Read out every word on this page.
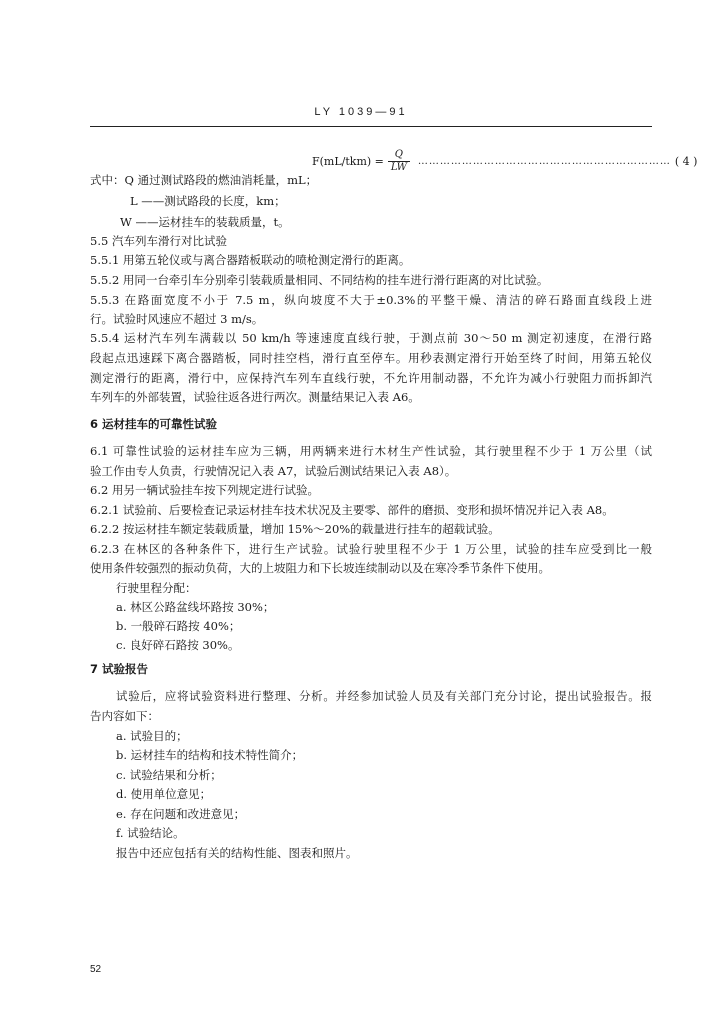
LY 1039—91
$F(mL/tkm) = \frac{Q}{LW}$ …………………………………………………………… ( 4 )
式中：Q 通过测试路段的燃油消耗量，mL；
L ——测试路段的长度，km；
W ——运材挂车的装载质量，t。
5.5 汽车列车滑行对比试验
5.5.1 用第五轮仪或与离合器踏板联动的喷枪测定滑行的距离。
5.5.2 用同一台牵引车分别牵引装载质量相同、不同结构的挂车进行滑行距离的对比试验。
5.5.3 在路面宽度不小于 7.5 m，纵向坡度不大于±0.3%的平整干燥、清洁的碎石路面直线段上进
行。试验时风速应不超过 3 m/s。
5.5.4 运材汽车列车满载以 50 km/h 等速速度直线行驶，于测点前 30～50 m 测定初速度，在滑行路
段起点迅速踩下离合器踏板，同时挂空档，滑行直至停车。用秒表测定滑行开始至终了时间，用第五轮仪
测定滑行的距离，滑行中，应保持汽车列车直线行驶，不允许用制动器，不允许为减小行驶阻力而拆卸汽
车列车的外部装置，试验往返各进行两次。测量结果记入表 A6。
6 运材挂车的可靠性试验
6.1 可靠性试验的运材挂车应为三辆，用两辆来进行木材生产性试验，其行驶里程不少于 1 万公里（试
验工作由专人负责，行驶情况记入表 A7，试验后测试结果记入表 A8）。
6.2 用另一辆试验挂车按下列规定进行试验。
6.2.1 试验前、后要检查记录运材挂车技术状况及主要零、部件的磨损、变形和损坏情况并记入表 A8。
6.2.2 按运材挂车额定装载质量，增加 15%～20%的载量进行挂车的超载试验。
6.2.3 在林区的各种条件下，进行生产试验。试验行驶里程不少于 1 万公里，试验的挂车应受到比一般
使用条件较强烈的振动负荷，大的上坡阻力和下长坡连续制动以及在寒冷季节条件下使用。
行驶里程分配：
a. 林区公路盆线坏路按 30%；
b. 一般碎石路按 40%；
c. 良好碎石路按 30%。
7 试验报告
试验后，应将试验资料进行整理、分析。并经参加试验人员及有关部门充分讨论，提出试验报告。报
告内容如下：
a. 试验目的；
b. 运材挂车的结构和技术特性简介；
c. 试验结果和分析；
d. 使用单位意见；
e. 存在问题和改进意见；
f. 试验结论。
报告中还应包括有关的结构性能、图表和照片。
52
